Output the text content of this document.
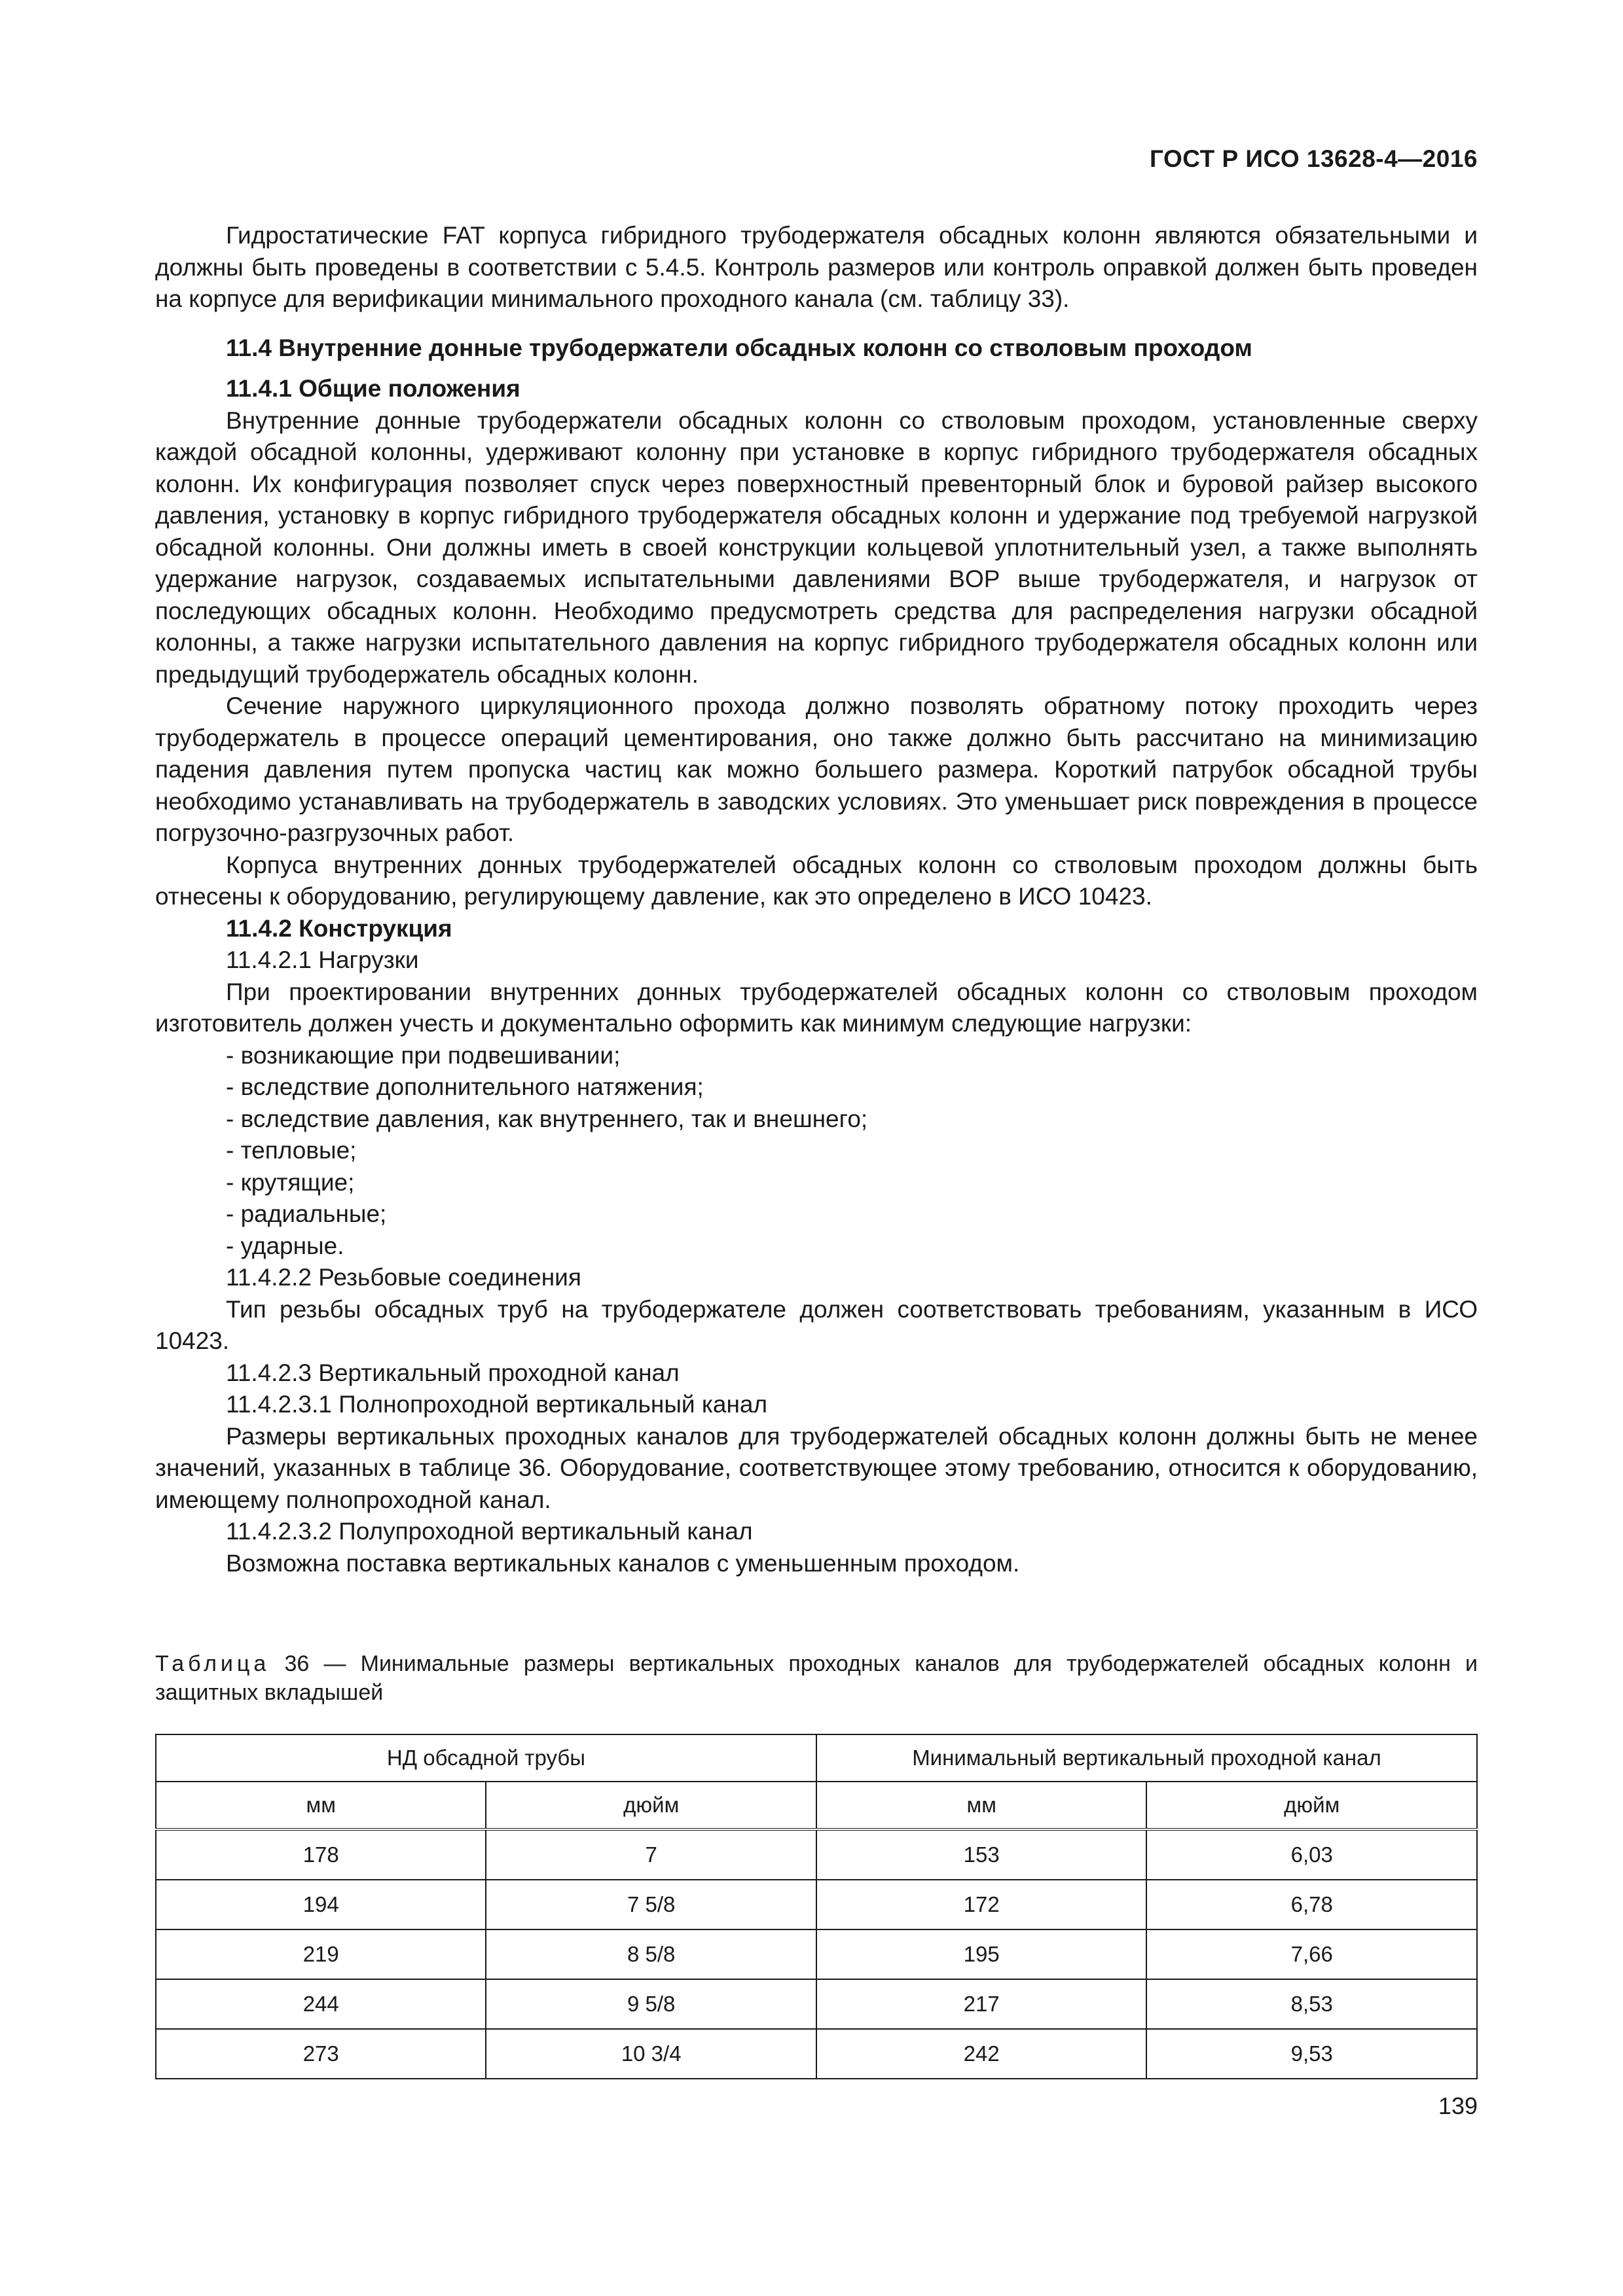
ГОСТ Р ИСО 13628-4—2016

Гидростатические FAT корпуса гибридного трубодержателя обсадных колонн являются обязательными и должны быть проведены в соответствии с 5.4.5. Контроль размеров или контроль оправкой должен быть проведен на корпусе для верификации минимального проходного канала (см. таблицу 33).

11.4 Внутренние донные трубодержатели обсадных колонн со стволовым проходом

11.4.1 Общие положения

Внутренние донные трубодержатели обсадных колонн со стволовым проходом, установленные сверху каждой обсадной колонны, удерживают колонну при установке в корпус гибридного трубодержателя обсадных колонн. Их конфигурация позволяет спуск через поверхностный превенторный блок и буровой райзер высокого давления, установку в корпус гибридного трубодержателя обсадных колонн и удержание под требуемой нагрузкой обсадной колонны. Они должны иметь в своей конструкции кольцевой уплотнительный узел, а также выполнять удержание нагрузок, создаваемых испытательными давлениями BOP выше трубодержателя, и нагрузок от последующих обсадных колонн. Необходимо предусмотреть средства для распределения нагрузки обсадной колонны, а также нагрузки испытательного давления на корпус гибридного трубодержателя обсадных колонн или предыдущий трубодержатель обсадных колонн.

Сечение наружного циркуляционного прохода должно позволять обратному потоку проходить через трубодержатель в процессе операций цементирования, оно также должно быть рассчитано на минимизацию падения давления путем пропуска частиц как можно большего размера. Короткий патрубок обсадной трубы необходимо устанавливать на трубодержатель в заводских условиях. Это уменьшает риск повреждения в процессе погрузочно-разгрузочных работ.

Корпуса внутренних донных трубодержателей обсадных колонн со стволовым проходом должны быть отнесены к оборудованию, регулирующему давление, как это определено в ИСО 10423.

11.4.2 Конструкция

11.4.2.1 Нагрузки

При проектировании внутренних донных трубодержателей обсадных колонн со стволовым проходом изготовитель должен учесть и документально оформить как минимум следующие нагрузки:

- возникающие при подвешивании;

- вследствие дополнительного натяжения;

- вследствие давления, как внутреннего, так и внешнего;

- тепловые;

- крутящие;

- радиальные;

- ударные.

11.4.2.2 Резьбовые соединения

Тип резьбы обсадных труб на трубодержателе должен соответствовать требованиям, указанным в ИСО 10423.

11.4.2.3 Вертикальный проходной канал

11.4.2.3.1 Полнопроходной вертикальный канал

Размеры вертикальных проходных каналов для трубодержателей обсадных колонн должны быть не менее значений, указанных в таблице 36. Оборудование, соответствующее этому требованию, относится к оборудованию, имеющему полнопроходной канал.

11.4.2.3.2 Полупроходной вертикальный канал

Возможна поставка вертикальных каналов с уменьшенным проходом.

Таблица 36 — Минимальные размеры вертикальных проходных каналов для трубодержателей обсадных колонн и защитных вкладышей
НД обсадной трубы		Минимальный вертикальный проходной канал	
мм	дюйм	мм	дюйм
178	7	153	6,03
194	7 5/8	172	6,78
219	8 5/8	195	7,66
244	9 5/8	217	8,53
273	10 3/4	242	9,53
139
